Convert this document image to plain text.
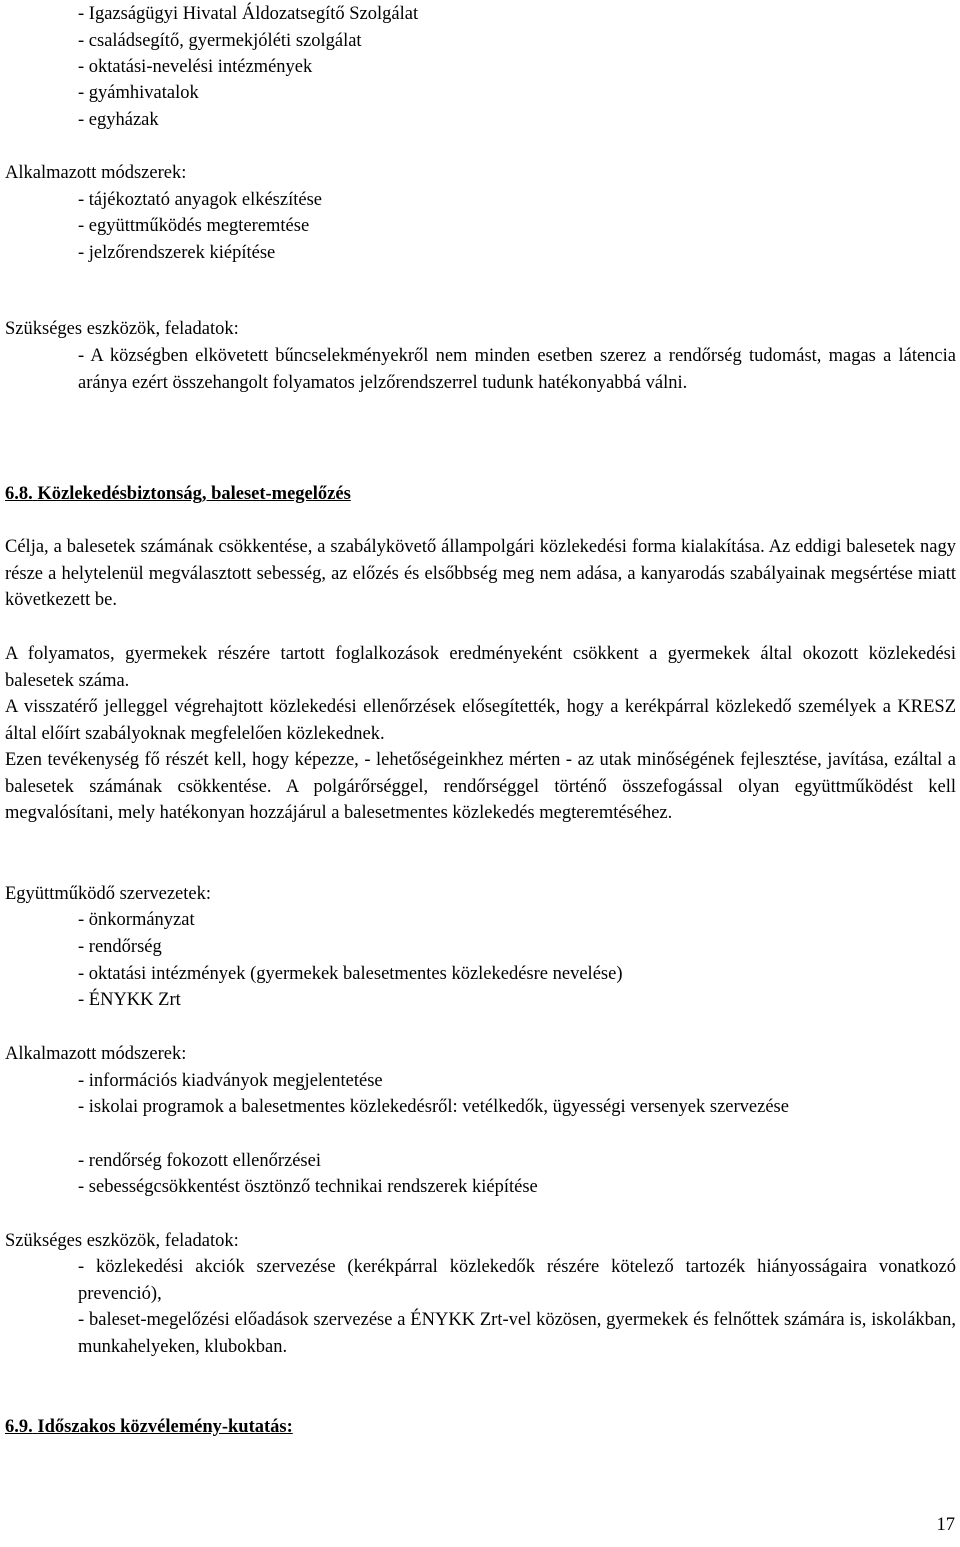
- Igazságügyi Hivatal Áldozatsegítő Szolgálat
- családsegítő, gyermekjóléti szolgálat
- oktatási-nevelési intézmények
- gyámhivatalok
- egyházak
Alkalmazott módszerek:
- tájékoztató anyagok elkészítése
- együttműködés megteremtése
- jelzőrendszerek kiépítése
Szükséges eszközök, feladatok:
- A községben elkövetett bűncselekményekről nem minden esetben szerez a rendőrség tudomást, magas a látencia aránya ezért összehangolt folyamatos jelzőrendszerrel tudunk hatékonyabbá válni.
6.8. Közlekedésbiztonság, baleset-megelőzés
Célja, a balesetek számának csökkentése, a szabálykövető állampolgári közlekedési forma kialakítása. Az eddigi balesetek nagy része a helytelenül megválasztott sebesség, az előzés és elsőbbség meg nem adása, a kanyarodás szabályainak megsértése miatt következett be.
A folyamatos, gyermekek részére tartott foglalkozások eredményeként csökkent a gyermekek által okozott közlekedési balesetek száma.
A visszatérő jelleggel végrehajtott közlekedési ellenőrzések elősegítették, hogy a kerékpárral közlekedő személyek a KRESZ által előírt szabályoknak megfelelően közlekednek.
Ezen tevékenység fő részét kell, hogy képezze, - lehetőségeinkhez mérten - az utak minőségének fejlesztése, javítása, ezáltal a balesetek számának csökkentése. A polgárőrséggel, rendőrséggel történő összefogással olyan együttműködést kell megvalósítani, mely hatékonyan hozzájárul a balesetmentes közlekedés megteremtéséhez.
Együttműködő szervezetek:
- önkormányzat
- rendőrség
- oktatási intézmények (gyermekek balesetmentes közlekedésre nevelése)
- ÉNYKK Zrt
Alkalmazott módszerek:
- információs kiadványok megjelentetése
- iskolai programok a balesetmentes közlekedésről: vetélkedők, ügyességi versenyek szervezése
- rendőrség fokozott ellenőrzései
- sebességcsökkentést ösztönző technikai rendszerek kiépítése
Szükséges eszközök, feladatok:
- közlekedési akciók szervezése (kerékpárral közlekedők részére kötelező tartozék hiányosságaira vonatkozó prevenció),
- baleset-megelőzési előadások szervezése a ÉNYKK Zrt-vel közösen, gyermekek és felnőttek számára is, iskolákban, munkahelyeken, klubokban.
6.9. Időszakos közvélemény-kutatás:
17
